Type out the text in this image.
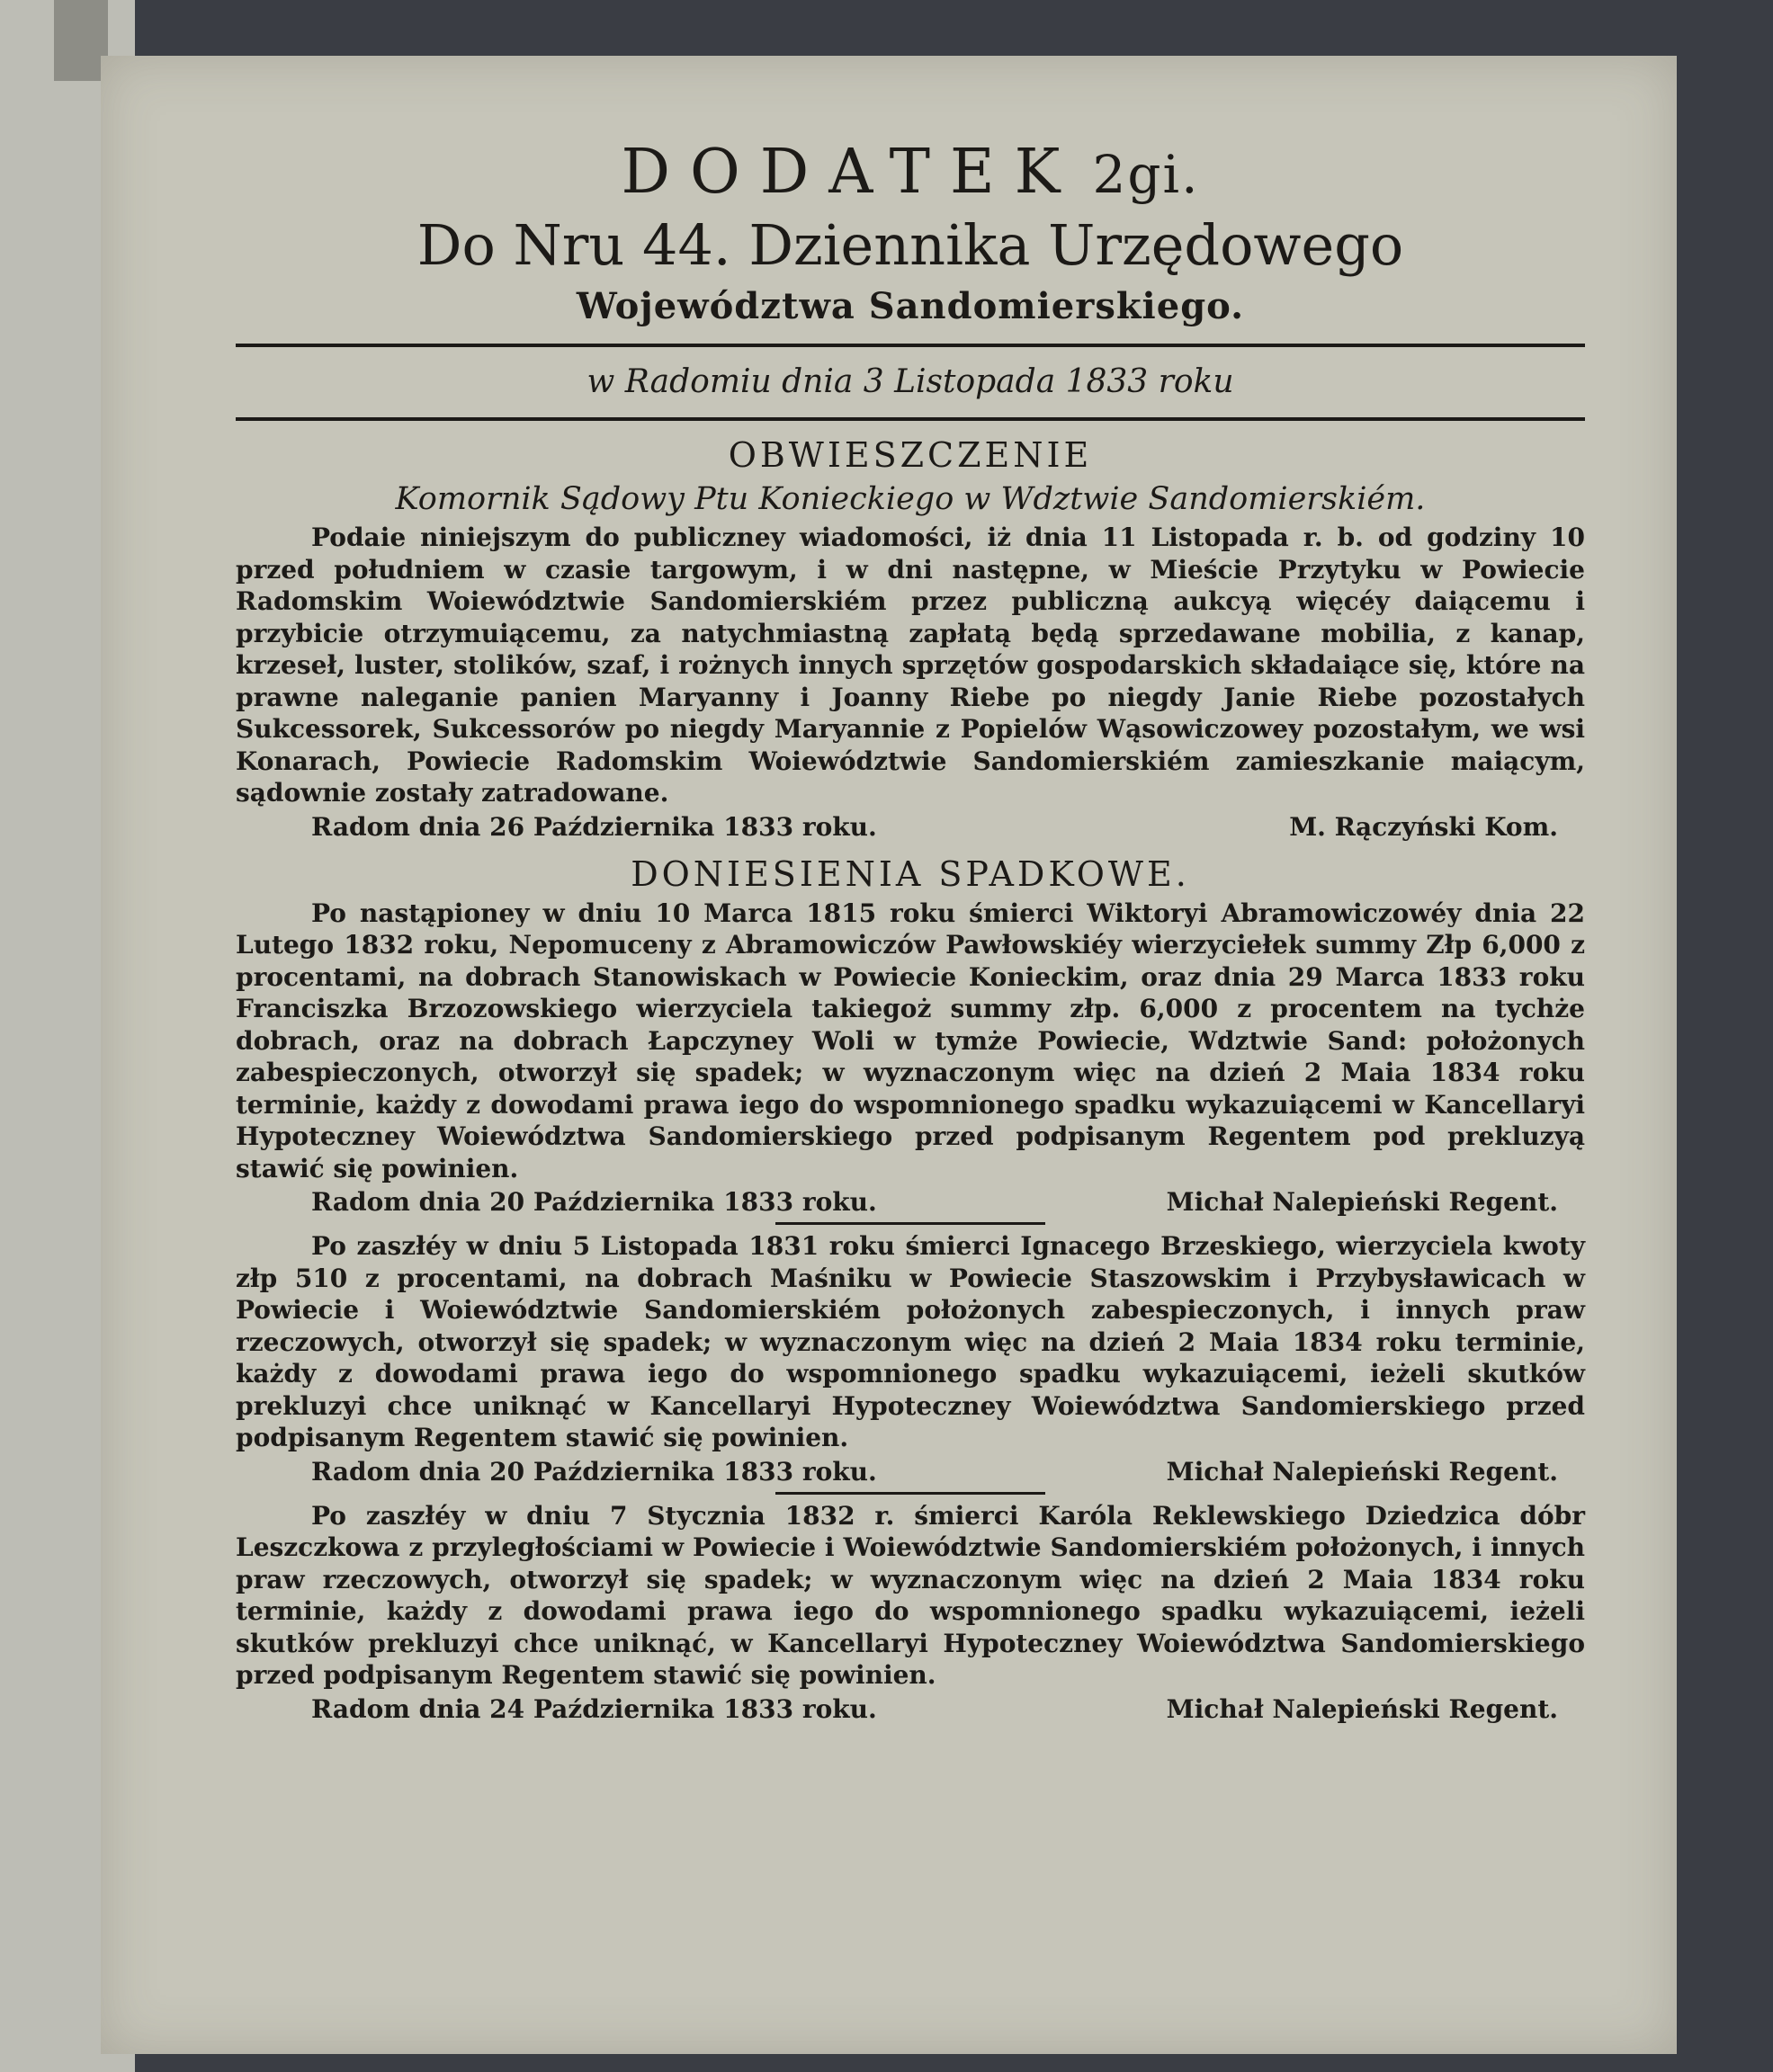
DODATEK 2gi.

Do Nru 44. Dziennika Urzędowego

Województwa Sandomierskiego.

w Radomiu dnia 3 Listopada 1833 roku

OBWIESZCZENIE

Komornik Sądowy Ptu Konieckiego w Wdztwie Sandomierskiém.

Podaie niniejszym do publiczney wiadomości, iż dnia 11 Listopada r. b. od godziny 10 przed południem w czasie targowym, i w dni następne, w Mieście Przytyku w Powiecie Radomskim Woiewództwie Sandomierskiém przez publiczną aukcyą więcéy daiącemu i przybicie otrzymuiącemu, za natychmiastną zapłatą będą sprzedawane mobilia, z kanap, krzeseł, luster, stolików, szaf, i rożnych innych sprzętów gospodarskich składaiące się, które na prawne naleganie panien Maryanny i Joanny Riebe po niegdy Janie Riebe pozostałych Sukcessorek, Sukcessorów po niegdy Maryannie z Popielów Wąsowiczowey pozostałym, we wsi Konarach, Powiecie Radomskim Woiewództwie Sandomierskiém zamieszkanie maiącym, sądownie zostały zatradowane.

Radom dnia 26 Października 1833 roku.	M. Rączyński Kom.

DONIESIENIA SPADKOWE.

Po nastąpioney w dniu 10 Marca 1815 roku śmierci Wiktoryi Abramowiczowéy dnia 22 Lutego 1832 roku, Nepomuceny z Abramowiczów Pawłowskiéy wierzyciełek summy Złp 6,000 z procentami, na dobrach Stanowiskach w Powiecie Konieckim, oraz dnia 29 Marca 1833 roku Franciszka Brzozowskiego wierzyciela takiegoż summy złp. 6,000 z procentem na tychże dobrach, oraz na dobrach Łapczyney Woli w tymże Powiecie, Wdztwie Sand: położonych zabespieczonych, otworzył się spadek; w wyznaczonym więc na dzień 2 Maia 1834 roku terminie, każdy z dowodami prawa iego do wspomnionego spadku wykazuiącemi w Kancellaryi Hypoteczney Woiewództwa Sandomierskiego przed podpisanym Regentem pod prekluzyą stawić się powinien.

Radom dnia 20 Października 1833 roku.	Michał Nalepieński Regent.

Po zaszłéy w dniu 5 Listopada 1831 roku śmierci Ignacego Brzeskiego, wierzyciela kwoty złp 510 z procentami, na dobrach Maśniku w Powiecie Staszowskim i Przybysławicach w Powiecie i Woiewództwie Sandomierskiém położonych zabespieczonych, i innych praw rzeczowych, otworzył się spadek; w wyznaczonym więc na dzień 2 Maia 1834 roku terminie, każdy z dowodami prawa iego do wspomnionego spadku wykazuiącemi, ieżeli skutków prekluzyi chce uniknąć w Kancellaryi Hypoteczney Woiewództwa Sandomierskiego przed podpisanym Regentem stawić się powinien.

Radom dnia 20 Października 1833 roku.	Michał Nalepieński Regent.

Po zaszłéy w dniu 7 Stycznia 1832 r. śmierci Karóla Reklewskiego Dziedzica dóbr Leszczkowa z przyległościami w Powiecie i Woiewództwie Sandomierskiém położonych, i innych praw rzeczowych, otworzył się spadek; w wyznaczonym więc na dzień 2 Maia 1834 roku terminie, każdy z dowodami prawa iego do wspomnionego spadku wykazuiącemi, ieżeli skutków prekluzyi chce uniknąć, w Kancellaryi Hypoteczney Woiewództwa Sandomierskiego przed podpisanym Regentem stawić się powinien.

Radom dnia 24 Października 1833 roku.	Michał Nalepieński Regent.
